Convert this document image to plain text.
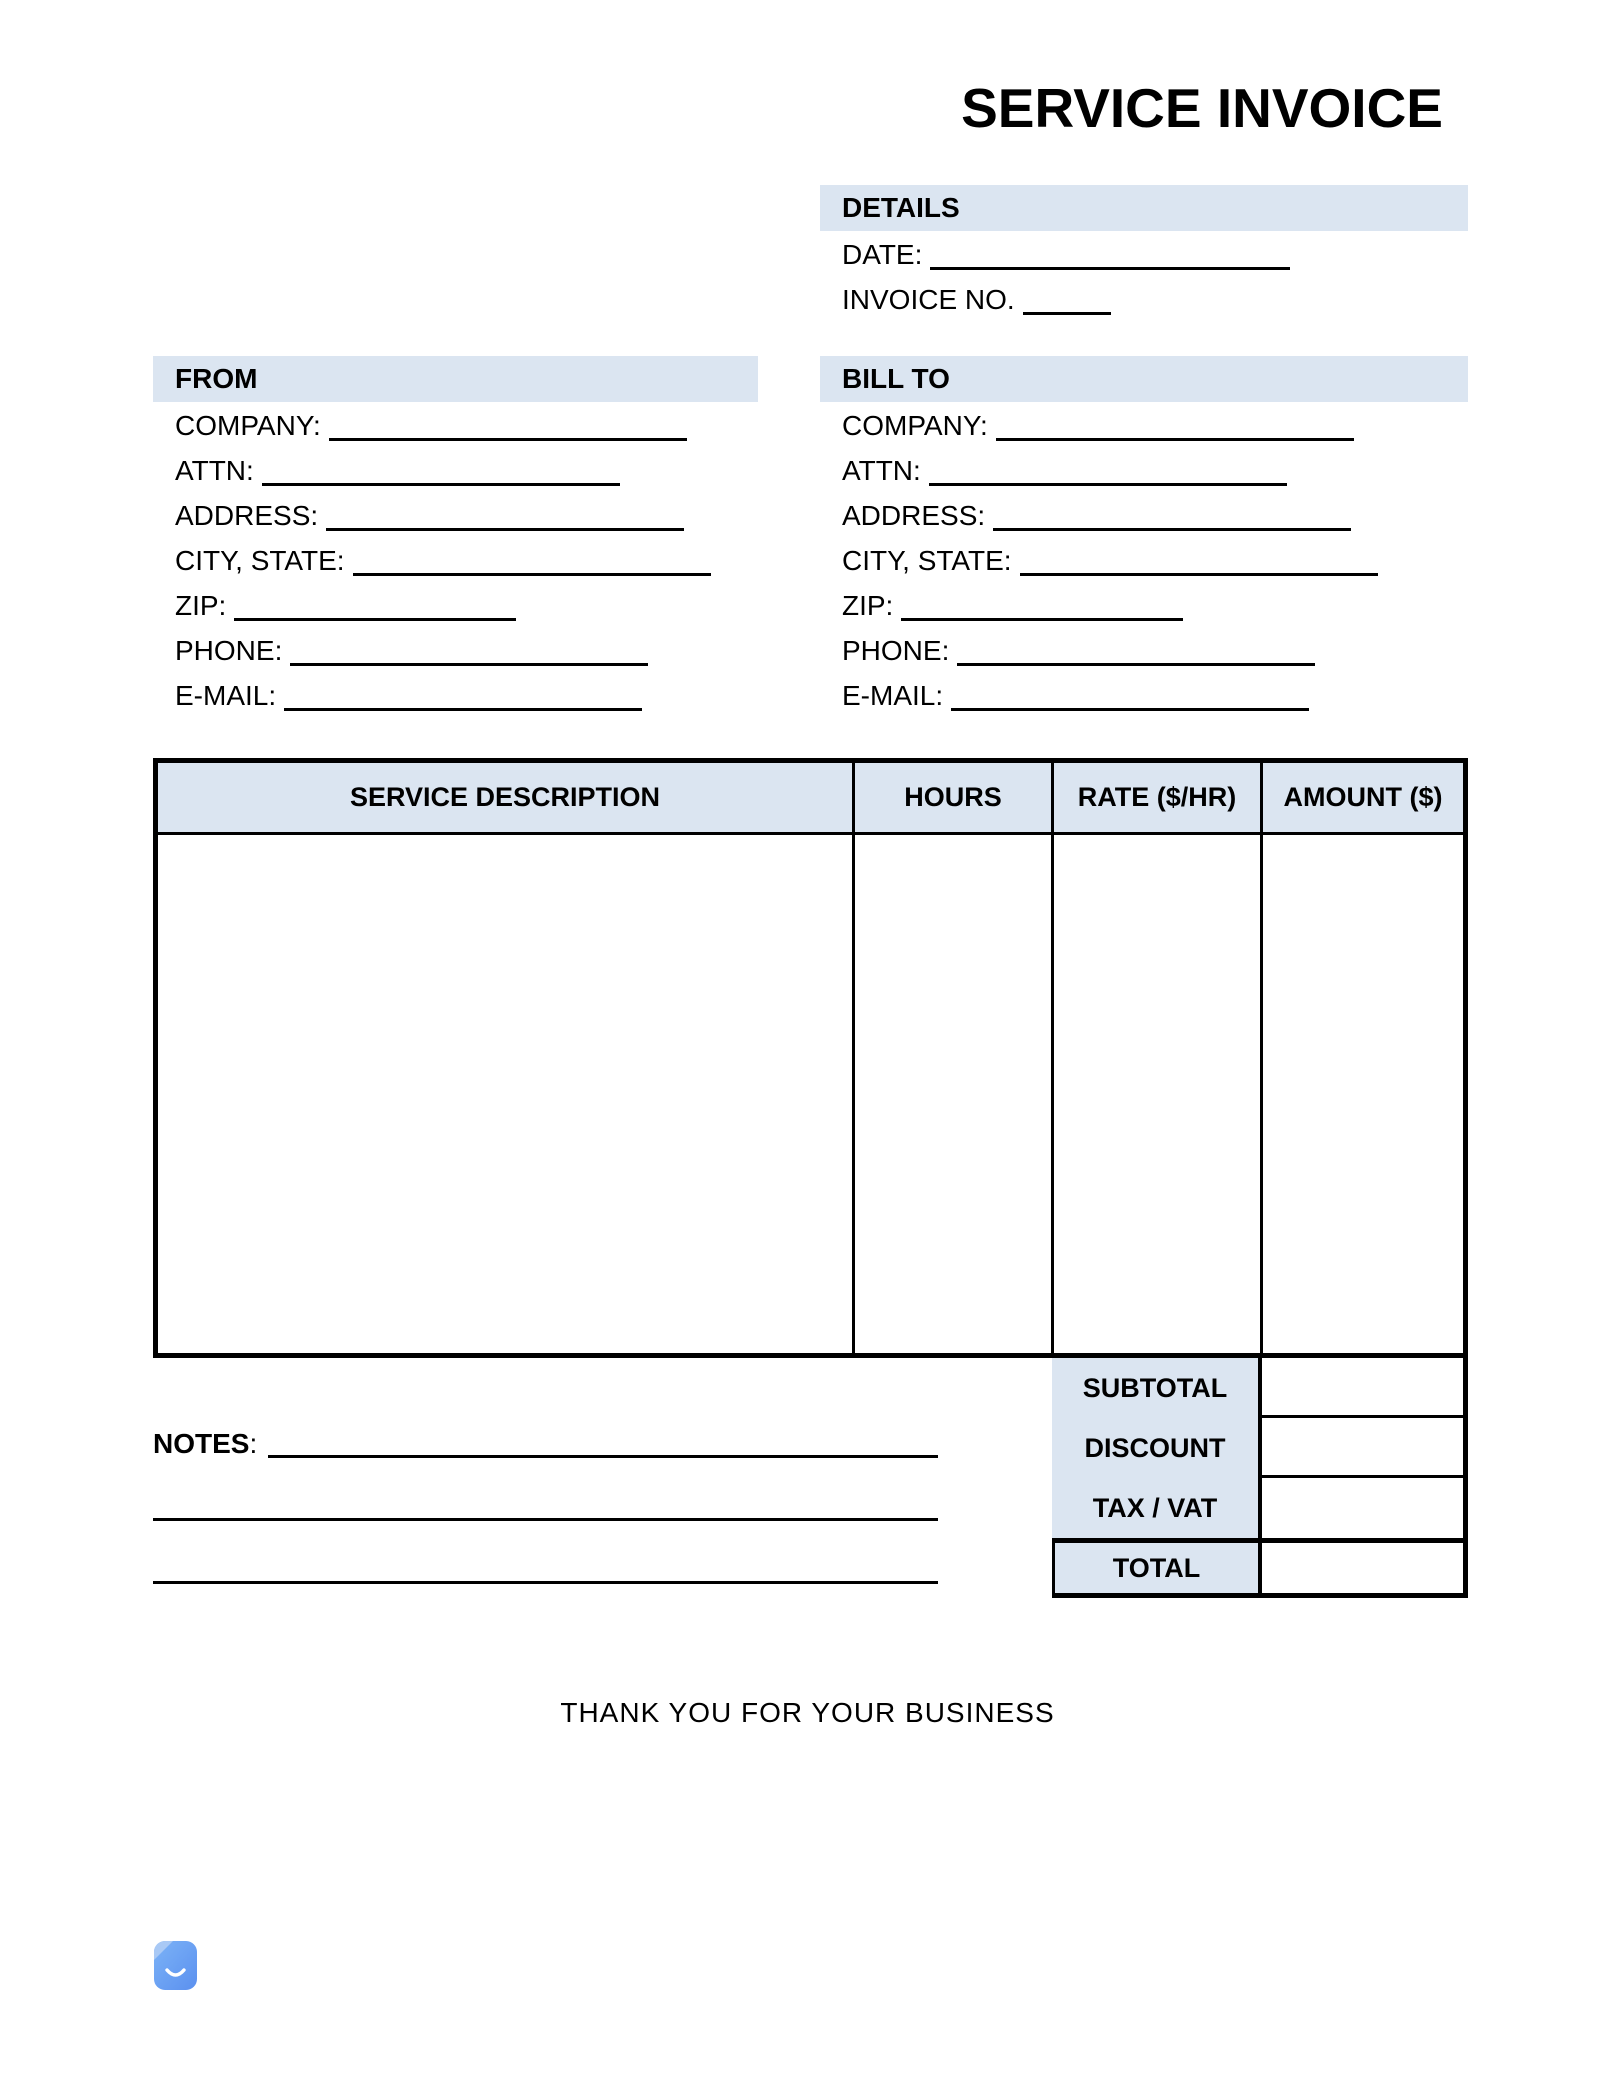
SERVICE INVOICE
DETAILS
DATE:
INVOICE NO.
FROM
COMPANY:
ATTN:
ADDRESS:
CITY, STATE:
ZIP:
PHONE:
E-MAIL:
BILL TO
COMPANY:
ATTN:
ADDRESS:
CITY, STATE:
ZIP:
PHONE:
E-MAIL:
SERVICE DESCRIPTION	HOURS	RATE ($/HR)	AMOUNT ($)
SUBTOTAL
DISCOUNT
TAX / VAT
TOTAL
NOTES:
THANK YOU FOR YOUR BUSINESS
